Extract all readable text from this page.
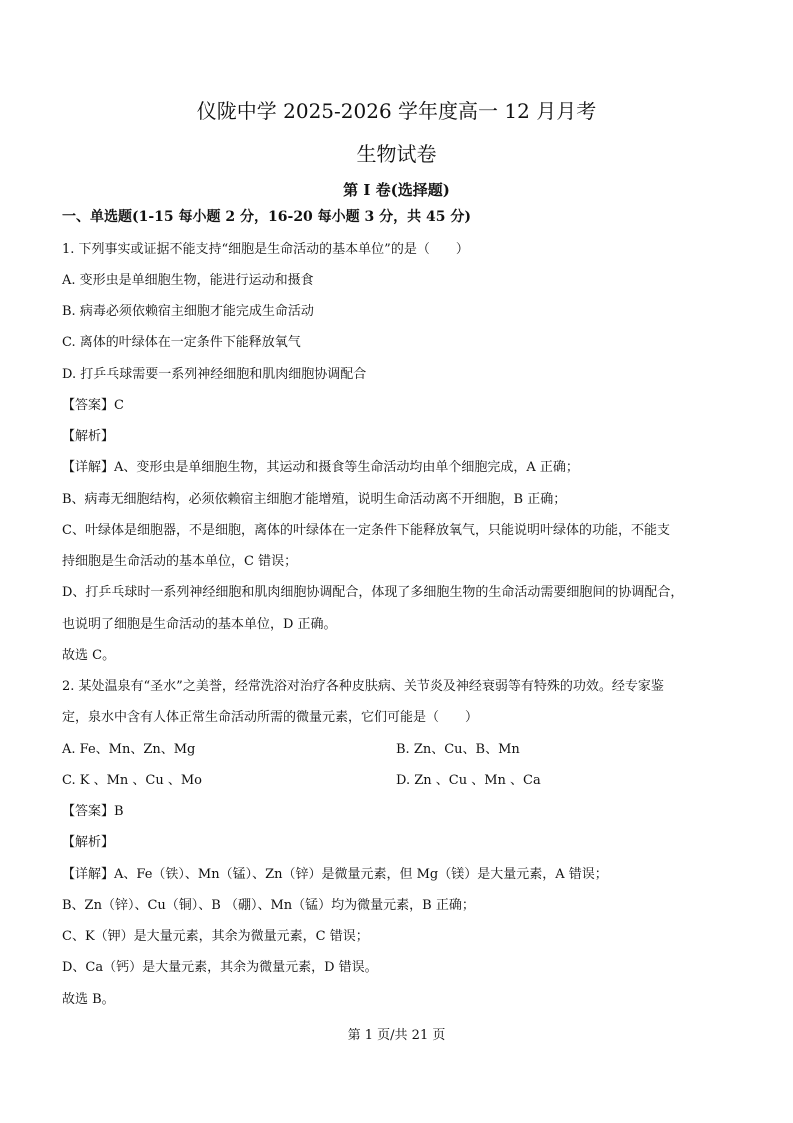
仪陇中学 2025-2026 学年度高一 12 月月考
生物试卷
第 I 卷(选择题)
一、单选题(1-15 每小题 2 分，16-20 每小题 3 分，共 45 分)
1. 下列事实或证据不能支持“细胞是生命活动的基本单位”的是（　　）
A. 变形虫是单细胞生物，能进行运动和摄食
B. 病毒必须依赖宿主细胞才能完成生命活动
C. 离体的叶绿体在一定条件下能释放氧气
D. 打乒乓球需要一系列神经细胞和肌肉细胞协调配合
【答案】C
【解析】
【详解】A、变形虫是单细胞生物，其运动和摄食等生命活动均由单个细胞完成，A 正确；
B、病毒无细胞结构，必须依赖宿主细胞才能增殖，说明生命活动离不开细胞，B 正确；
C、叶绿体是细胞器，不是细胞，离体的叶绿体在一定条件下能释放氧气，只能说明叶绿体的功能，不能支
持细胞是生命活动的基本单位，C 错误；
D、打乒乓球时一系列神经细胞和肌肉细胞协调配合，体现了多细胞生物的生命活动需要细胞间的协调配合，
也说明了细胞是生命活动的基本单位，D 正确。
故选 C。
2. 某处温泉有“圣水”之美誉，经常洗浴对治疗各种皮肤病、关节炎及神经衰弱等有特殊的功效。经专家鉴
定，泉水中含有人体正常生命活动所需的微量元素，它们可能是（　　）
A. Fe、Mn、Zn、Mg	B. Zn、Cu、B、Mn
C. K 、Mn 、Cu 、Mo	D. Zn 、Cu 、Mn 、Ca
【答案】B
【解析】
【详解】A、Fe（铁）、Mn（锰）、Zn（锌）是微量元素，但 Mg（镁）是大量元素，A 错误；
B、Zn（锌）、Cu（铜）、B （硼）、Mn（锰）均为微量元素，B 正确；
C、K（钾）是大量元素，其余为微量元素，C 错误；
D、Ca（钙）是大量元素，其余为微量元素，D 错误。
故选 B。
第 1 页/共 21 页
